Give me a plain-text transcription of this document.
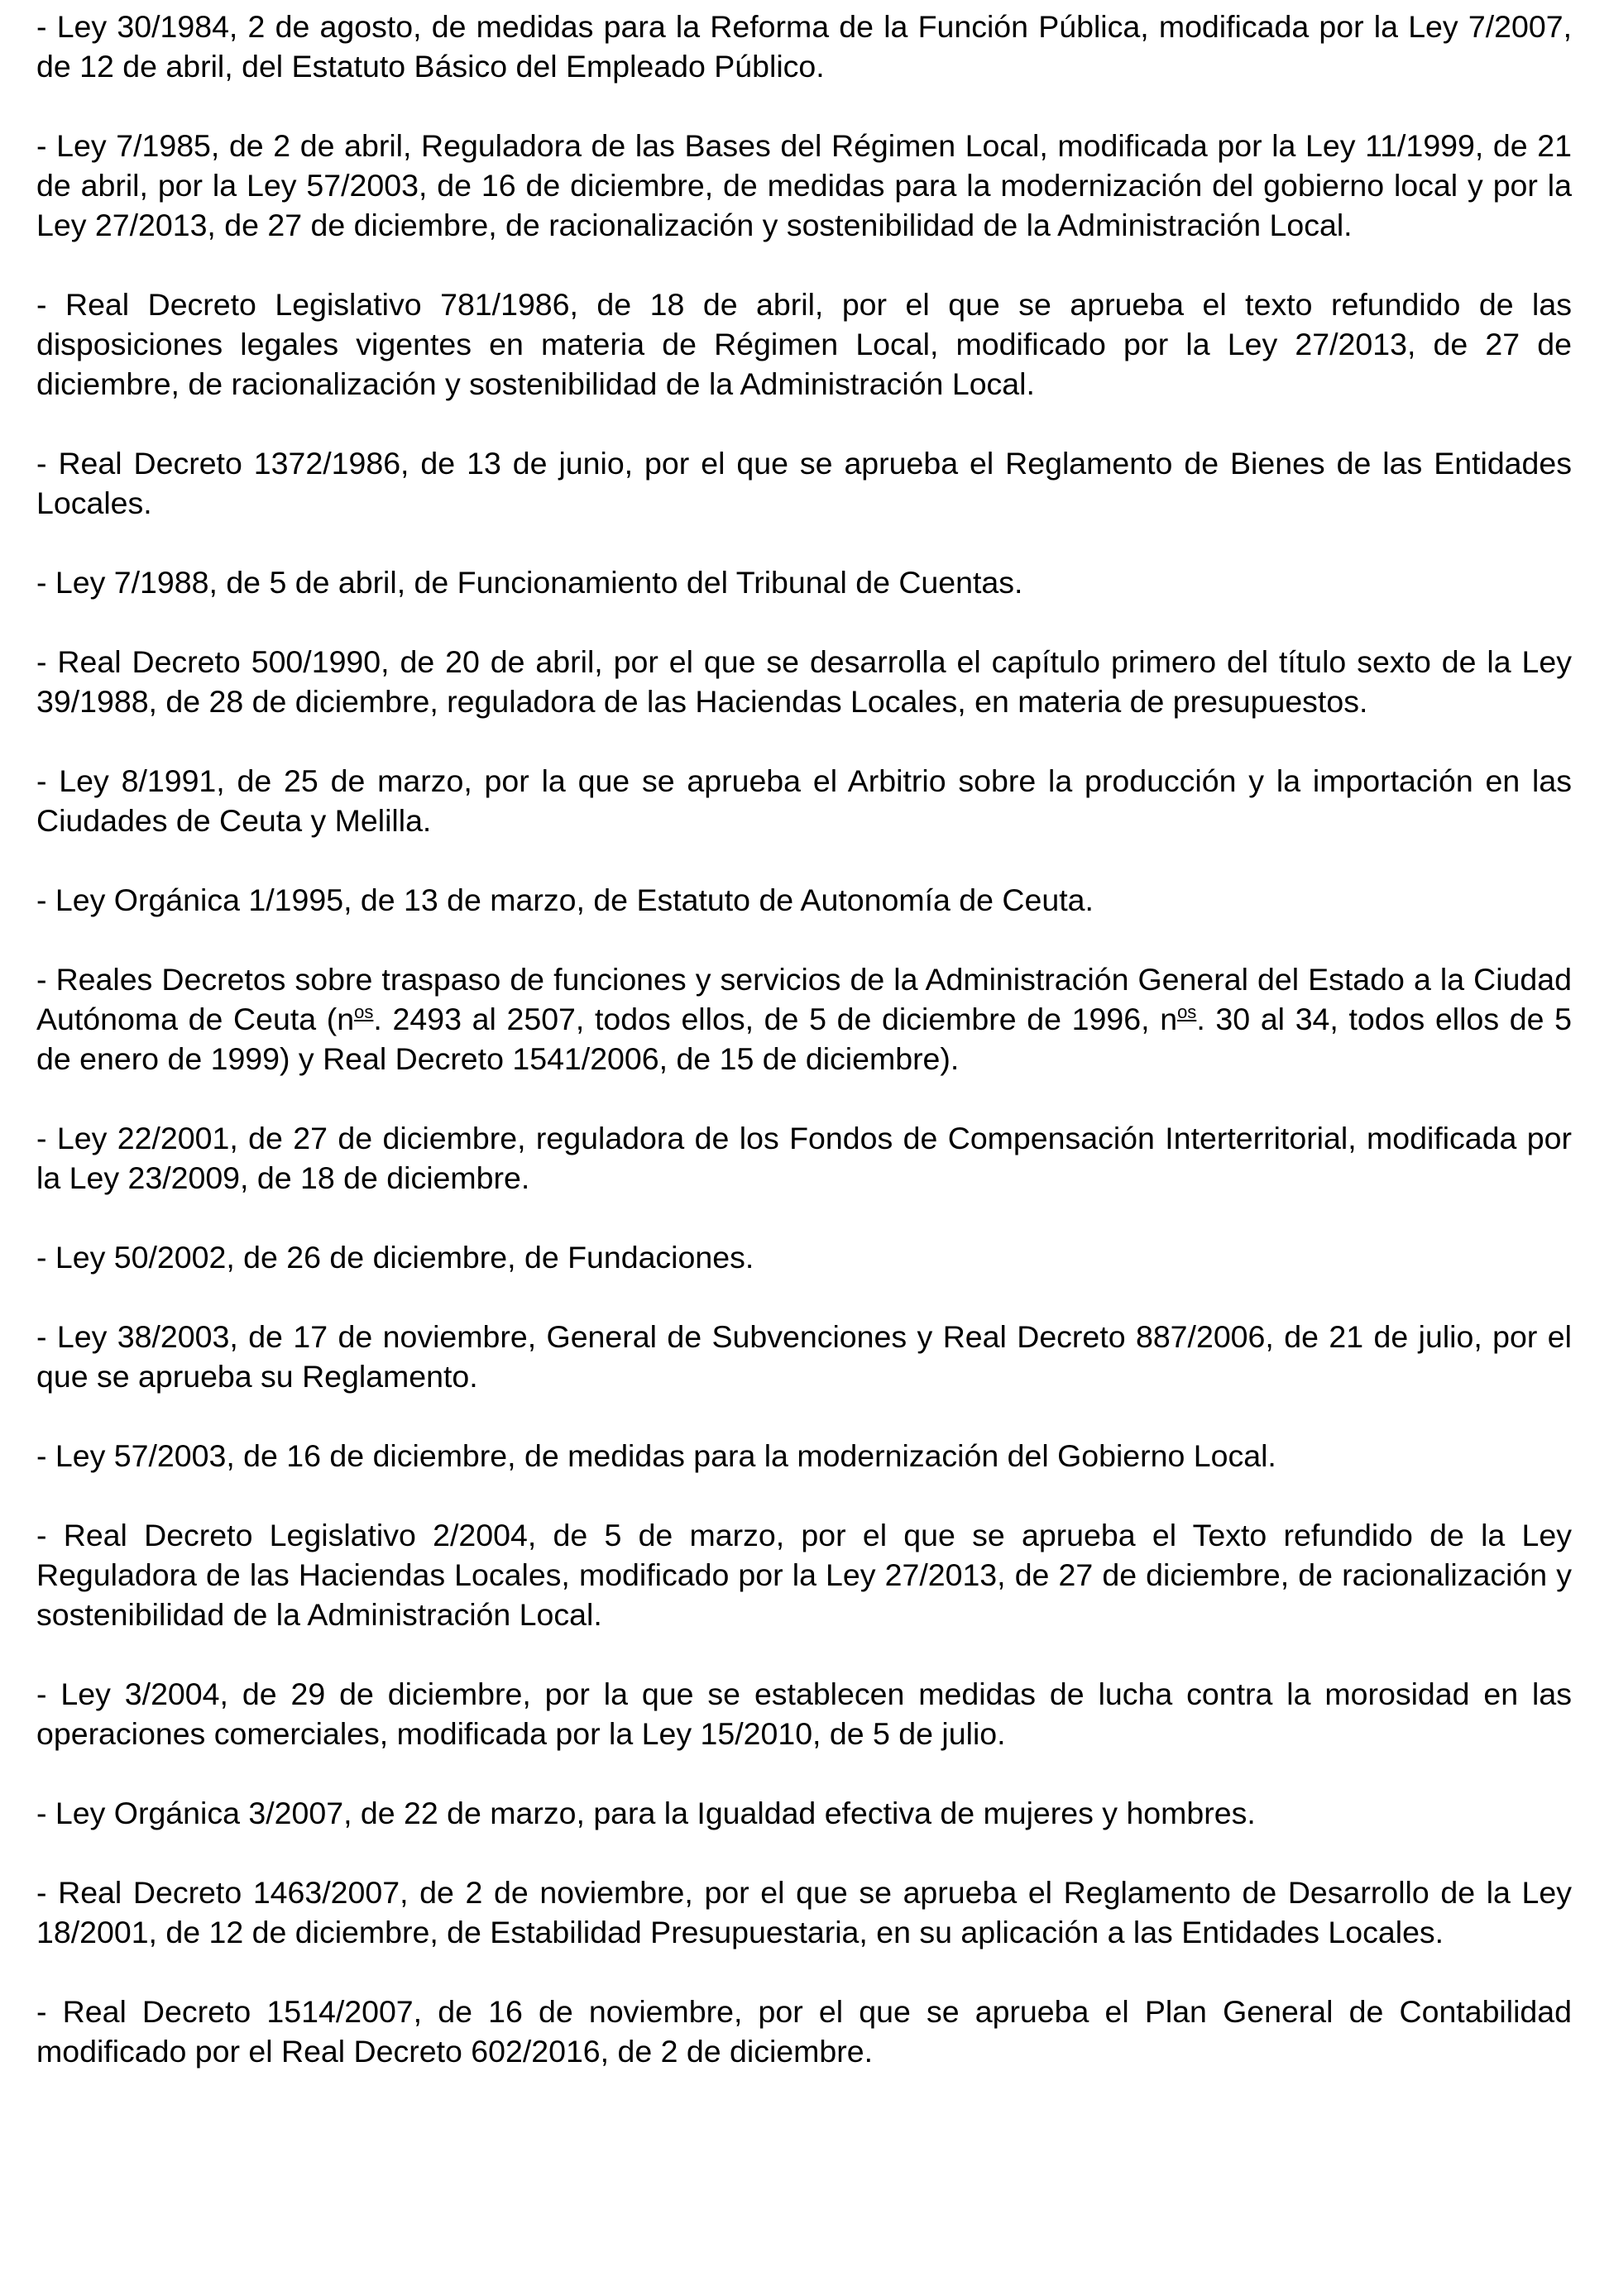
- Ley 30/1984, 2 de agosto, de medidas para la Reforma de la Función Pública, modificada por la Ley 7/2007, de 12 de abril, del Estatuto Básico del Empleado Público.

- Ley 7/1985, de 2 de abril, Reguladora de las Bases del Régimen Local, modificada por la Ley 11/1999, de 21 de abril, por la Ley 57/2003, de 16 de diciembre, de medidas para la modernización del gobierno local y por la Ley 27/2013, de 27 de diciembre, de racionalización y sostenibilidad de la Administración Local.

- Real Decreto Legislativo 781/1986, de 18 de abril, por el que se aprueba el texto refundido de las disposiciones legales vigentes en materia de Régimen Local, modificado por la Ley 27/2013, de 27 de diciembre, de racionalización y sostenibilidad de la Administración Local.

- Real Decreto 1372/1986, de 13 de junio, por el que se aprueba el Reglamento de Bienes de las Entidades Locales.

- Ley 7/1988, de 5 de abril, de Funcionamiento del Tribunal de Cuentas.

- Real Decreto 500/1990, de 20 de abril, por el que se desarrolla el capítulo primero del título sexto de la Ley 39/1988, de 28 de diciembre, reguladora de las Haciendas Locales, en materia de presupuestos.

- Ley 8/1991, de 25 de marzo, por la que se aprueba el Arbitrio sobre la producción y la importación en las Ciudades de Ceuta y Melilla.

- Ley Orgánica 1/1995, de 13 de marzo, de Estatuto de Autonomía de Ceuta.

- Reales Decretos sobre traspaso de funciones y servicios de la Administración General del Estado a la Ciudad Autónoma de Ceuta ($n^{os}$. 2493 al 2507, todos ellos, de 5 de diciembre de 1996, $n^{os}$. 30 al 34, todos ellos de 5 de enero de 1999) y Real Decreto 1541/2006, de 15 de diciembre).

- Ley 22/2001, de 27 de diciembre, reguladora de los Fondos de Compensación Interterritorial, modificada por la Ley 23/2009, de 18 de diciembre.

- Ley 50/2002, de 26 de diciembre, de Fundaciones.

- Ley 38/2003, de 17 de noviembre, General de Subvenciones y Real Decreto 887/2006, de 21 de julio, por el que se aprueba su Reglamento.

- Ley 57/2003, de 16 de diciembre, de medidas para la modernización del Gobierno Local.

- Real Decreto Legislativo 2/2004, de 5 de marzo, por el que se aprueba el Texto refundido de la Ley Reguladora de las Haciendas Locales, modificado por la Ley 27/2013, de 27 de diciembre, de racionalización y sostenibilidad de la Administración Local.

- Ley 3/2004, de 29 de diciembre, por la que se establecen medidas de lucha contra la morosidad en las operaciones comerciales, modificada por la Ley 15/2010, de 5 de julio.

- Ley Orgánica 3/2007, de 22 de marzo, para la Igualdad efectiva de mujeres y hombres.

- Real Decreto 1463/2007, de 2 de noviembre, por el que se aprueba el Reglamento de Desarrollo de la Ley 18/2001, de 12 de diciembre, de Estabilidad Presupuestaria, en su aplicación a las Entidades Locales.

- Real Decreto 1514/2007, de 16 de noviembre, por el que se aprueba el Plan General de Contabilidad modificado por el Real Decreto 602/2016, de 2 de diciembre.
